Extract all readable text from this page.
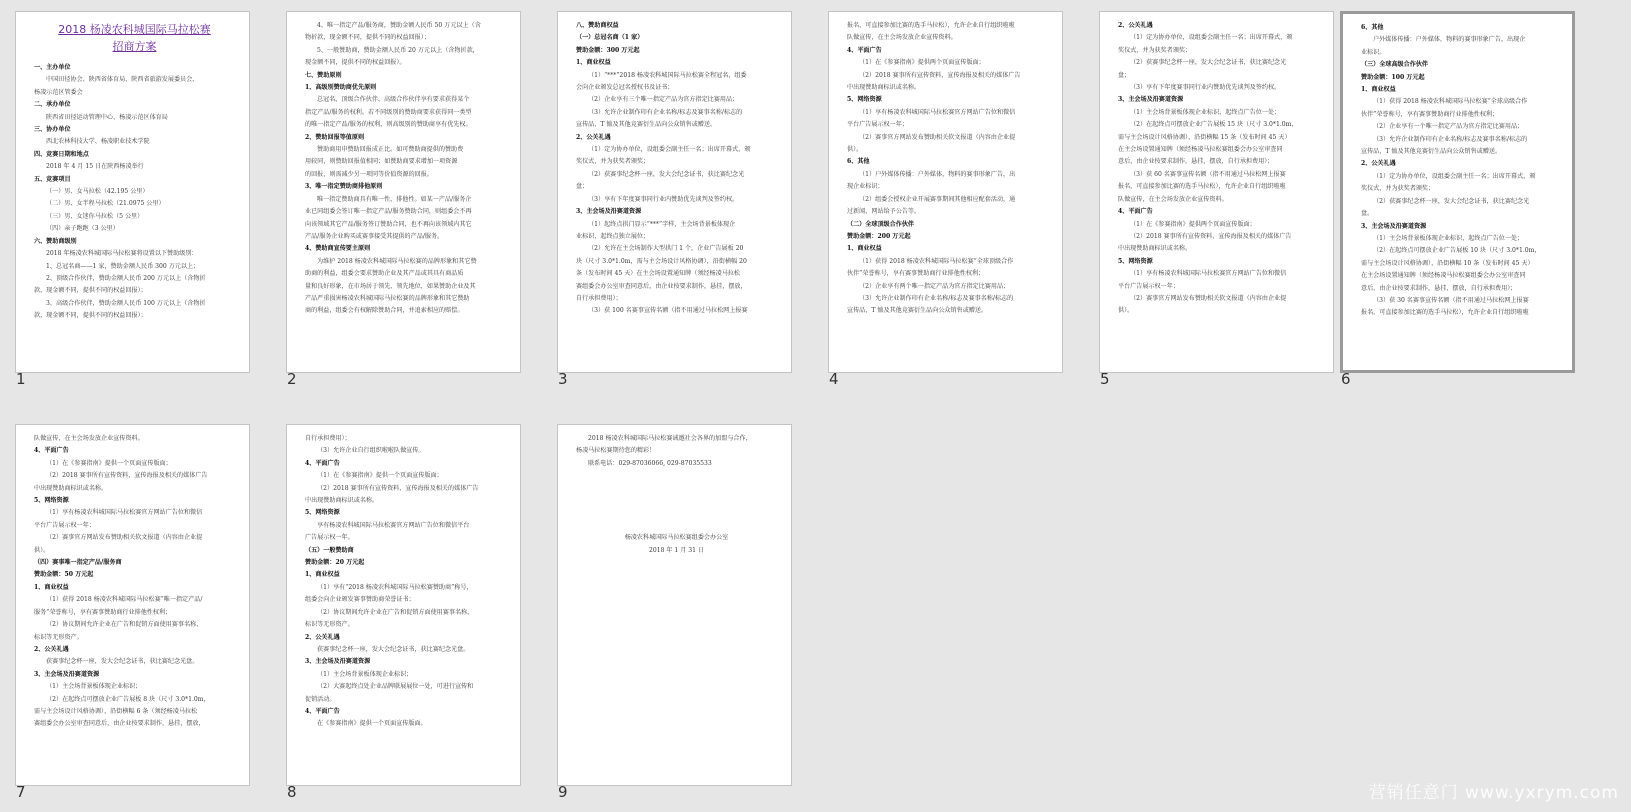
2018 杨凌农科城国际马拉松赛
招商方案
一、主办单位
中国田径协会、陕西省体育局、陕西省旅游发展委员会、
杨凌示范区管委会
二、承办单位
陕西省田径运动管理中心、杨凌示范区体育局
三、协办单位
西北农林科技大学、杨凌职业技术学院
四、竞赛日期和地点
2018 年 4 月 15 日在陕西杨凌举行
五、竞赛项目
（一）男、女马拉松（42.195 公里）
（二）男、女半程马拉松（21.0975 公里）
（三）男、女迷你马拉松（5 公里）
（四）亲子跑跑（3 公里）
六、赞助商级别
2018 年杨凌农科城国际马拉松赛将设置以下赞助级别：
1、总冠名商——1 家，赞助金额人民币 300 万元以上；
2、顶级合作伙伴，赞助金额人民币 200 万元以上（含物折
款，现金额不同，提供不同的权益回报）；
3、高级合作伙伴，赞助金额人民币 100 万元以上（含物折
款，现金额不同，提供不同的权益回报）；
1
4、唯一指定产品/服务商，赞助金额人民币 50 万元以上（含
物折款，现金额不同，提供不同的权益回报）；
5、一般赞助商，赞助金额人民币 20 万元以上（含物折款，
现金额不同，提供不同的权益回报）。
七、赞助原则
1、高级别赞助商优先原则
总冠名、顶级合作伙伴、高级合作伙伴享有要求获得某个
指定产品/服务的权利。若不同级别的赞助商要求获得同一类型
的唯一指定产品/服务的权利，则高级别的赞助商享有优先权。
2、赞助回报等值原则
赞助商用申赞助回报成正比。如可赞助商提供的赞助费
用较同，则赞助回报值相同；如赞助商要求增加一项资源
的回报，则需减少另一项同等价值资源的回报。
3、唯一指定赞助商排他原则
唯一指定赞助商具有唯一性、排他性。如某一产品/服务企
业已同组委会签订唯一指定产品/服务赞助合同，则组委会不再
向该领域其它产品/服务签订赞助合同，也不再向该领域内其它
产品/服务企业购买或赛事接受其提供的产品/服务。
4、赞助商宣传要主原则
为维护 2018 杨凌农科城国际马拉松赛的品牌形象和其它赞
助商的利益，组委会要求赞助企业及其产品或其具有商品质
量和良好形象，在市场居于领先、领先地位，如果赞助企业及其
产品严重损害杨凌农科城国际马拉松赛的品牌形象和其它赞助
商的利益，组委会有权解除赞助合同，并追索相应的赔偿。
2
八、赞助商权益
（一）总冠名商（1 家）
赞助金额：300 万元起
1、商业权益
（1）“***”2018 杨凌农科城国际马拉松赛全程冠名，组委
会向企业颁发总冠名授权书及证书；
（2）企业享有三个唯一指定产品为官方指定比赛用品；
（3）允许企业制作印有企业名称/标志及赛事名称/标志的
宣传品，T 恤及其他竞赛衍生品向公众销售或赠送。
2、公关礼遇
（1）定为协办单位，设组委会副主任一名；出席开幕式，颁
奖仪式，并为获奖者颁奖；
（2）获赛事纪念杯一座，发大会纪念证书，获比赛纪念光
盘；
（3）享有下年度赛事同行业内赞助优先谈判及签约权。
3、主会场及沿赛道资源
（1）起终点拱门显示“***”字样，主会场背景板体现企
业标识，起终点独立展位；
（2）允许在主会场制作大型拱门 1 个，企业广告展板 20
块（尺寸 3.0*1.0m，需与主会场设计风格协调），沿街横幅 20
条（发布时间 45 天）在主会场设置通知牌（须经杨凌马拉松
赛组委会办公室审查同意后，由企业按要求制作，悬挂，摆放，
自行承担费用）；
（3）获 100 名赛事宣传名额（指不用通过马拉松网上报赛
3
报名，可直接参加比赛的选手马拉松），允许企业自行组织啦啦
队做宣传，在主会场发放企业宣传资料。
4、平面广告
（1）在《参赛指南》提供两个页面宣传版面；
（2）2018 赛事所有宣传资料，宣传海报及相关的媒体广告
中出现赞助商标识或名称。
5、网络资源
（1）享有杨凌农科城国际马拉松赛官方网站广告位和微信
平台广告展示权一年；
（2）赛事官方网站发布赞助相关软文报道（内容由企业提
供）。
6、其他
（1）户外媒体传播：户外媒体，物料的赛事形象广告，出
现企业标识；
（2）组委会授权企业开展赛事期间其他相应配套活动，通
过新闻、网站给予公告等。
（二）全球顶级合作伙伴
赞助金额：200 万元起
1、商业权益
（1）获得 2018 杨凌农科城国际马拉松赛“全球顶级合作
伙伴”荣誉称号，享有赛事赞助商行业排他性权利；
（2）企业享有两个唯一指定产品为官方指定比赛用品；
（3）允许企业制作印有企业名称/标志及赛事名称/标志的
宣传品，T 恤及其他竞赛衍生品向公众销售或赠送。
4
2、公关礼遇
（1）定为协办单位，设组委会副主任一名；出席开幕式，颁
奖仪式，并为获奖者颁奖；
（2）获赛事纪念杯一座，发大会纪念证书，获比赛纪念光
盘；
（3）享有下年度赛事同行业内赞助优先谈判及签约权。
3、主会场及沿赛道资源
（1）主会场背景板体现企业标识，起终点广告位一处；
（2）在起终点可摆放企业广告展板 15 块（尺寸 3.0*1.0m，
需与主会场设计风格协调），沿街横幅 15 条（发布时间 45 天）
在主会场设置通知牌（须经杨凌马拉松赛组委会办公室审查同
意后，由企业按要求制作，悬挂，摆放，自行承担费用）；
（3）获 60 名赛事宣传名额（指不用通过马拉松网上报赛
报名，可直接参加比赛的选手马拉松），允许企业自行组织啦啦
队做宣传，在主会场发放企业宣传资料。
4、平面广告
（1）在《参赛指南》提供两个页面宣传版面；
（2）2018 赛事所有宣传资料，宣传海报及相关的媒体广告
中出现赞助商标识或名称。
5、网络资源
（1）享有杨凌农科城国际马拉松赛官方网站广告位和微信
平台广告展示权一年；
（2）赛事官方网站发布赞助相关软文报道（内容由企业提
供）。
5
6、其他
户外媒体传播：户外媒体，物料的赛事形象广告，出现企
业标识。
（三）全球高级合作伙伴
赞助金额：100 万元起
1、商业权益
（1）获得 2018 杨凌农科城国际马拉松赛“全球高级合作
伙伴”荣誉称号，享有赛事赞助商行业排他性权利；
（2）企业享有一个唯一指定产品为官方指定比赛用品；
（3）允许企业制作印有企业名称/标志及赛事名称/标志的
宣传品，T 恤及其他竞赛衍生品向公众销售或赠送。
2、公关礼遇
（1）定为协办单位，设组委会副主任一名；出席开幕式，颁
奖仪式，并为获奖者颁奖；
（2）获赛事纪念杯一座，发大会纪念证书，获比赛纪念光
盘。
3、主会场及沿赛道资源
（1）主会场背景板体现企业标识，起终点广告位一处；
（2）在起终点可摆放企业广告展板 10 块（尺寸 3.0*1.0m，
需与主会场设计风格协调），沿街横幅 10 条（发布时间 45 天）
在主会场设置通知牌（须经杨凌马拉松赛组委会办公室审查同
意后，由企业按要求制作，悬挂，摆放，自行承担费用）；
（3）获 30 名赛事宣传名额（指不用通过马拉松网上报赛
报名，可直接参加比赛的选手马拉松），允许企业自行组织啦啦
6
队做宣传，在主会场发放企业宣传资料。
4、平面广告
（1）在《参赛指南》提供一个页面宣传版面；
（2）2018 赛事所有宣传资料，宣传海报及相关的媒体广告
中出现赞助商标识或名称。
5、网络资源
（1）享有杨凌农科城国际马拉松赛官方网站广告位和微信
平台广告展示权一年；
（2）赛事官方网站发布赞助相关软文报道（内容由企业提
供）。
（四）赛事唯一指定产品/服务商
赞助金额：50 万元起
1、商业权益
（1）获得 2018 杨凌农科城国际马拉松赛“唯一指定产品/
服务”荣誉称号，享有赛事赞助商行业排他性权利；
（2）协议期间允许企业在广告和促销方面使用赛事名称、
标识等无形资产。
2、公关礼遇
获赛事纪念杯一座，发大会纪念证书，获比赛纪念光盘。
3、主会场及沿赛道资源
（1）主会场背景板体现企业标识；
（2）在起终点可摆放企业广告展板 8 块（尺寸 3.0*1.0m，
需与主会场设计风格协调），沿街横幅 6 条（须经杨凌马拉松
赛组委会办公室审查同意后，由企业按要求制作，悬挂，摆放，
7
自行承担费用）；
（3）允许企业自行组织啦啦队做宣传。
4、平面广告
（1）在《参赛指南》提供一个页面宣传版面；
（2）2018 赛事所有宣传资料，宣传海报及相关的媒体广告
中出现赞助商标识或名称。
5、网络资源
享有杨凌农科城国际马拉松赛官方网站广告位和微信平台
广告展示权一年。
（五）一般赞助商
赞助金额：20 万元起
1、商业权益
（1）享有“2018 杨凌农科城国际马拉松赛赞助商”称号，
组委会向企业颁发赛事赞助商荣誉证书；
（2）协议期间允许企业在广告和促销方面使用赛事名称、
标识等无形资产。
2、公关礼遇
获赛事纪念杯一座，发大会纪念证书，获比赛纪念光盘。
3、主会场及沿赛道资源
（1）主会场背景板体现企业标识；
（2）大赛起终点处企业品牌联展展位一处，可进行宣传和
促销活动。
4、平面广告
在《参赛指南》提供一个页面宣传版面。
8
2018 杨凌农科城国际马拉松赛诚邀社会各界的加盟与合作，
杨凌马拉松赛期待您的精彩！
联系电话：029-87036066, 029-87035533
杨凌农科城国际马拉松赛组委会办公室
2018 年 1 月 31 日
9	营销任意门 www.yxrym.com
